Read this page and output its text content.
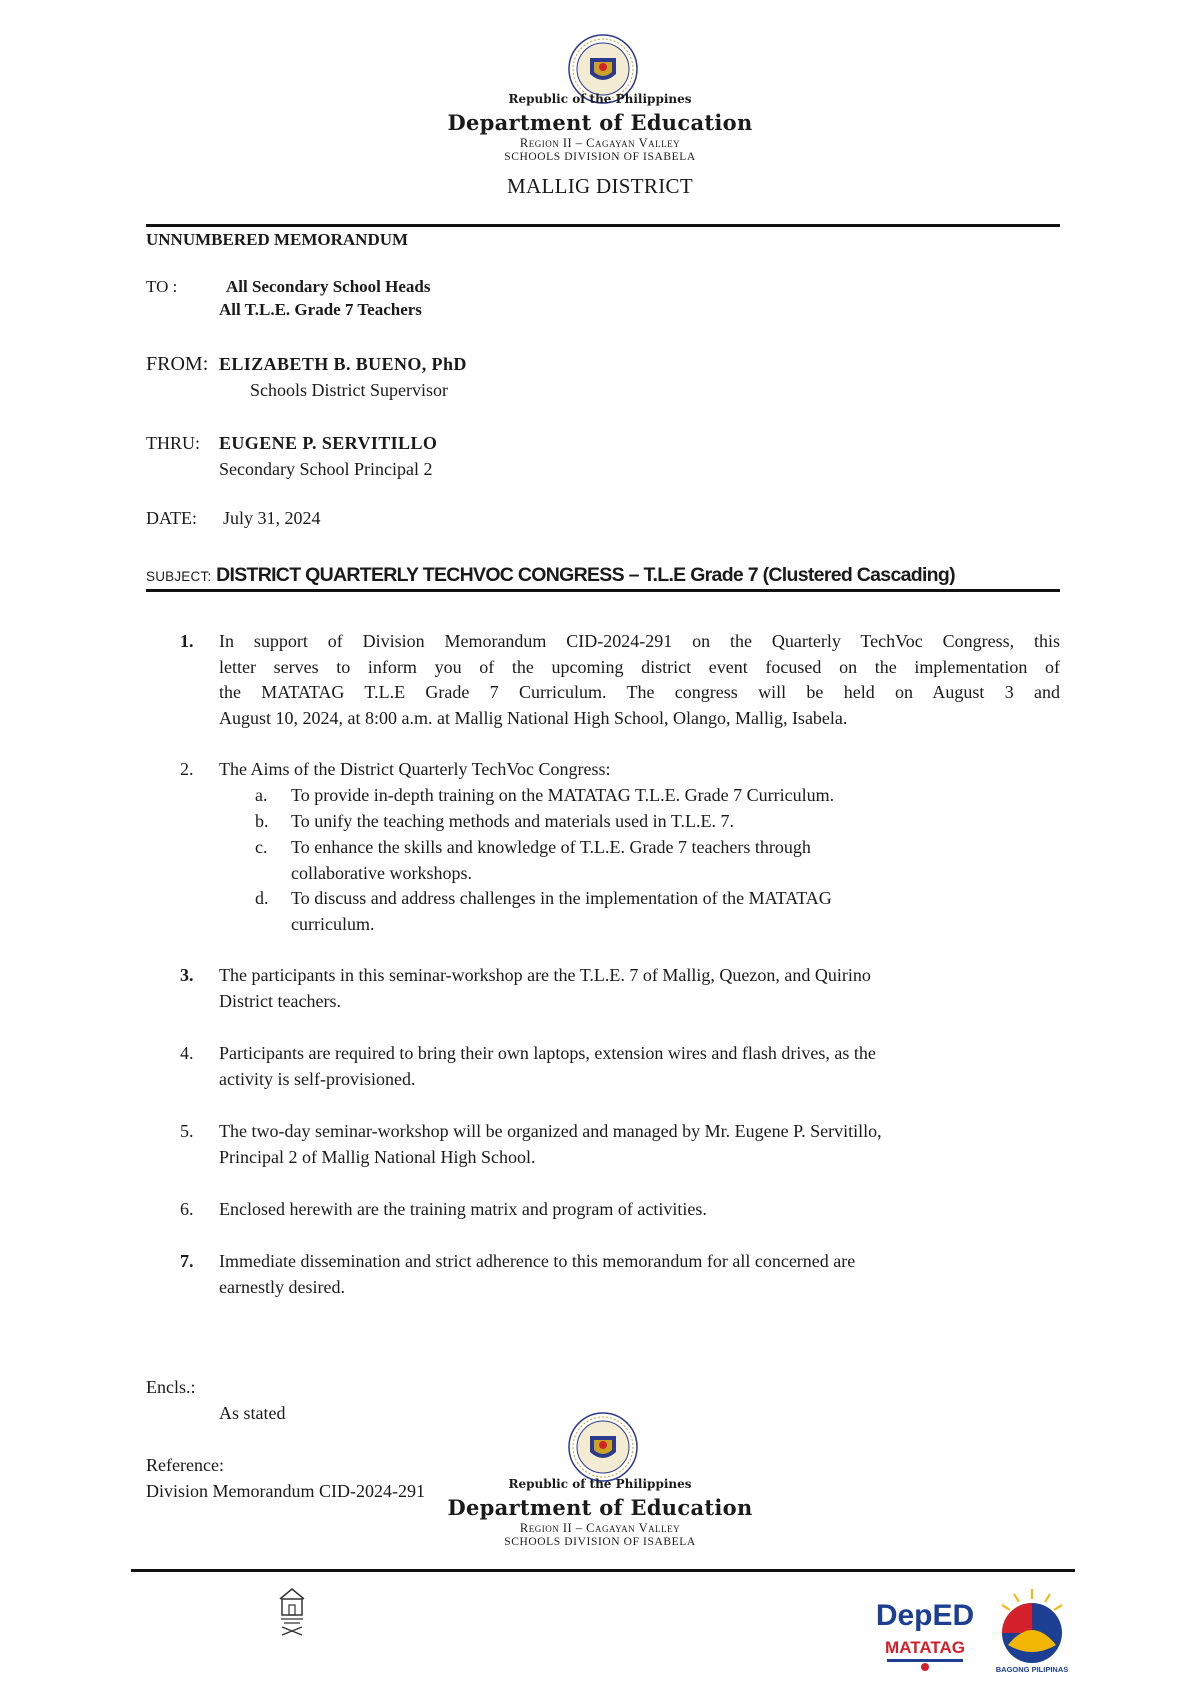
Republic of the Philippines
Department of Education
Region II – Cagayan Valley
SCHOOLS DIVISION OF ISABELA
MALLIG DISTRICT
UNNUMBERED MEMORANDUM
TO :	All Secondary School Heads
All T.L.E. Grade 7 Teachers
FROM: ELIZABETH B. BUENO, PhD
Schools District Supervisor
THRU: EUGENE P. SERVITILLO
Secondary School Principal 2
DATE: July 31, 2024
SUBJECT: DISTRICT QUARTERLY TECHVOC CONGRESS – T.L.E Grade 7 (Clustered Cascading)
1.	In support of Division Memorandum CID-2024-291 on the Quarterly TechVoc Congress, this
letter serves to inform you of the upcoming district event focused on the implementation of
the MATATAG T.L.E Grade 7 Curriculum. The congress will be held on August 3 and
August 10, 2024, at 8:00 a.m. at Mallig National High School, Olango, Mallig, Isabela.
2.	The Aims of the District Quarterly TechVoc Congress:
a. To provide in-depth training on the MATATAG T.L.E. Grade 7 Curriculum.
b. To unify the teaching methods and materials used in T.L.E. 7.
c. To enhance the skills and knowledge of T.L.E. Grade 7 teachers through
collaborative workshops.
d. To discuss and address challenges in the implementation of the MATATAG
curriculum.
3.	The participants in this seminar-workshop are the T.L.E. 7 of Mallig, Quezon, and Quirino
District teachers.
4.	Participants are required to bring their own laptops, extension wires and flash drives, as the
activity is self-provisioned.
5.	The two-day seminar-workshop will be organized and managed by Mr. Eugene P. Servitillo,
Principal 2 of Mallig National High School.
6.	Enclosed herewith are the training matrix and program of activities.
7.	Immediate dissemination and strict adherence to this memorandum for all concerned are
earnestly desired.
Encls.:
As stated
Reference:
Division Memorandum CID-2024-291	Republic of the Philippines
Department of Education
Region II – Cagayan Valley
SCHOOLS DIVISION OF ISABELA
DepED
MATATAG
BAGONG PILIPINAS
